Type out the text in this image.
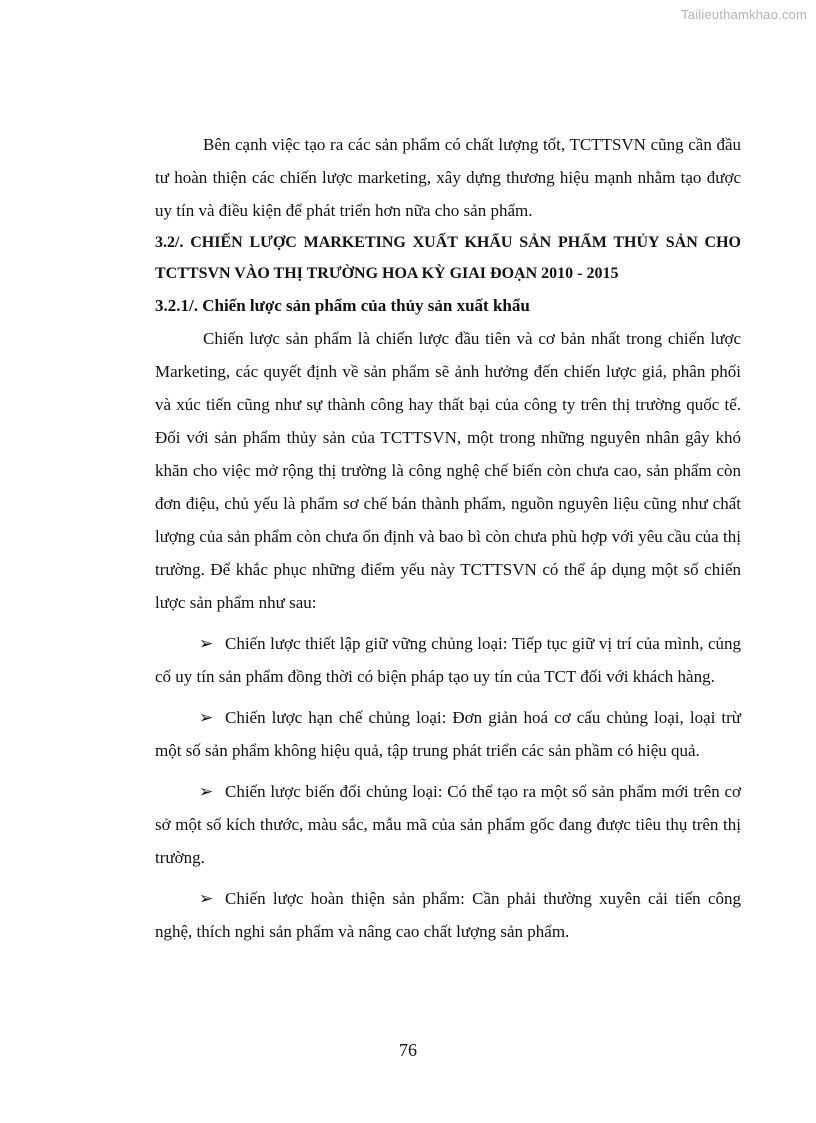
Tailieuthamkhao.com

Bên cạnh việc tạo ra các sản phẩm có chất lượng tốt, TCTTSVN cũng cần đầu tư hoàn thiện các chiến lược marketing, xây dựng thương hiệu mạnh nhằm tạo được uy tín và điều kiện để phát triển hơn nữa cho sản phẩm.

3.2/. CHIẾN LƯỢC MARKETING XUẤT KHẨU SẢN PHẨM THỦY SẢN CHO TCTTSVN VÀO THỊ TRƯỜNG HOA KỲ GIAI ĐOẠN 2010 - 2015

3.2.1/. Chiến lược sản phẩm của thủy sản xuất khẩu

Chiến lược sản phẩm là chiến lược đầu tiên và cơ bản nhất trong chiến lược Marketing, các quyết định về sản phẩm sẽ ảnh hưởng đến chiến lược giá, phân phối và xúc tiến cũng như sự thành công hay thất bại của công ty trên thị trường quốc tế. Đối với sản phẩm thủy sản của TCTTSVN, một trong những nguyên nhân gây khó khăn cho việc mở rộng thị trường là công nghệ chế biến còn chưa cao, sản phẩm còn đơn điệu, chủ yếu là phẩm sơ chế bán thành phẩm, nguồn nguyên liệu cũng như chất lượng của sản phẩm còn chưa ổn định và bao bì còn chưa phù hợp với yêu cầu của thị trường. Để khắc phục những điểm yếu này TCTTSVN có thể áp dụng một số chiến lược sản phẩm như sau:

➢ Chiến lược thiết lập giữ vững chủng loại: Tiếp tục giữ vị trí của mình, củng cố uy tín sản phẩm đồng thời có biện pháp tạo uy tín của TCT đối với khách hàng.

➢ Chiến lược hạn chế chủng loại: Đơn giản hoá cơ cấu chủng loại, loại trừ một số sản phẩm không hiệu quả, tập trung phát triển các sản phầm có hiệu quả.

➢ Chiến lược biến đổi chủng loại: Có thể tạo ra một số sản phẩm mới trên cơ sở một số kích thước, màu sắc, mẫu mã của sản phẩm gốc đang được tiêu thụ trên thị trường.

➢ Chiến lược hoàn thiện sản phẩm: Cần phải thường xuyên cải tiến công nghệ, thích nghi sản phẩm và nâng cao chất lượng sản phẩm.

76
